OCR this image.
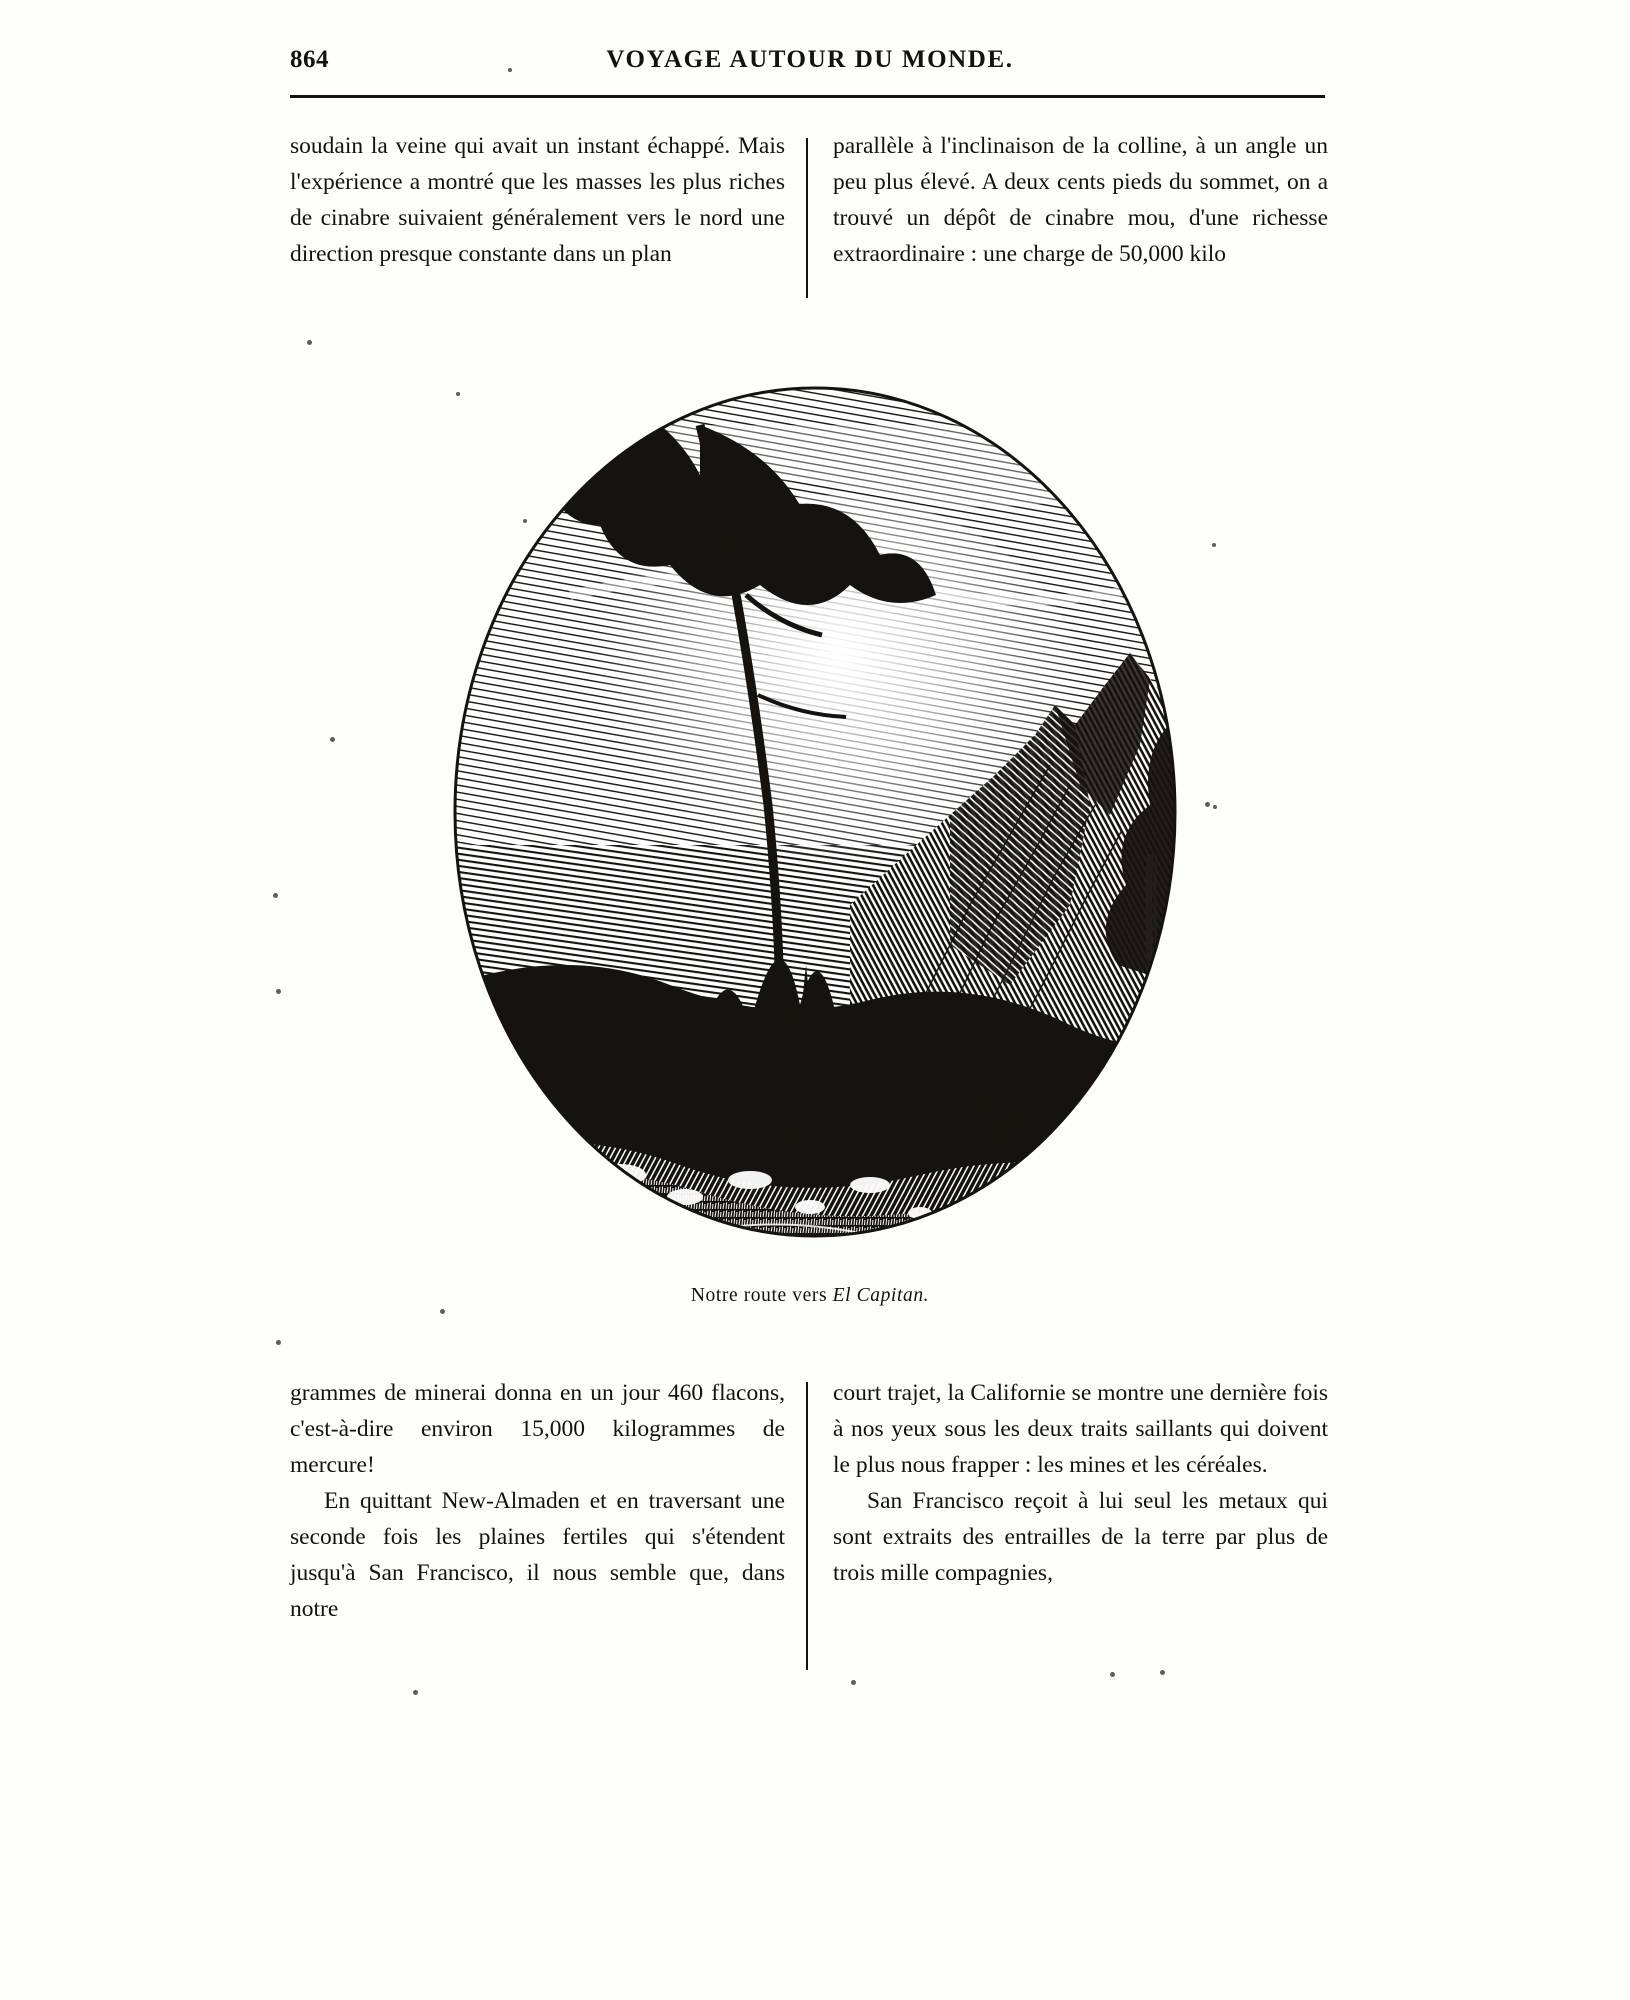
864	VOYAGE AUTOUR DU MONDE.

soudain la veine qui avait un instant échappé. Mais l'expérience a montré que les masses les plus riches de cinabre suivaient généralement vers le nord une direction presque constante dans un plan

parallèle à l'inclinaison de la colline, à un angle un peu plus élevé. A deux cents pieds du sommet, on a trouvé un dépôt de cinabre mou, d'une richesse extraordinaire : une charge de 50,000 kilo

Notre route vers El Capitan.

grammes de minerai donna en un jour 460 flacons, c'est-à-dire environ 15,000 kilogrammes de mercure!

En quittant New-Almaden et en traversant une seconde fois les plaines fertiles qui s'étendent jusqu'à San Francisco, il nous semble que, dans notre

court trajet, la Californie se montre une dernière fois à nos yeux sous les deux traits saillants qui doivent le plus nous frapper : les mines et les céréales.

San Francisco reçoit à lui seul les metaux qui sont extraits des entrailles de la terre par plus de trois mille compagnies,
